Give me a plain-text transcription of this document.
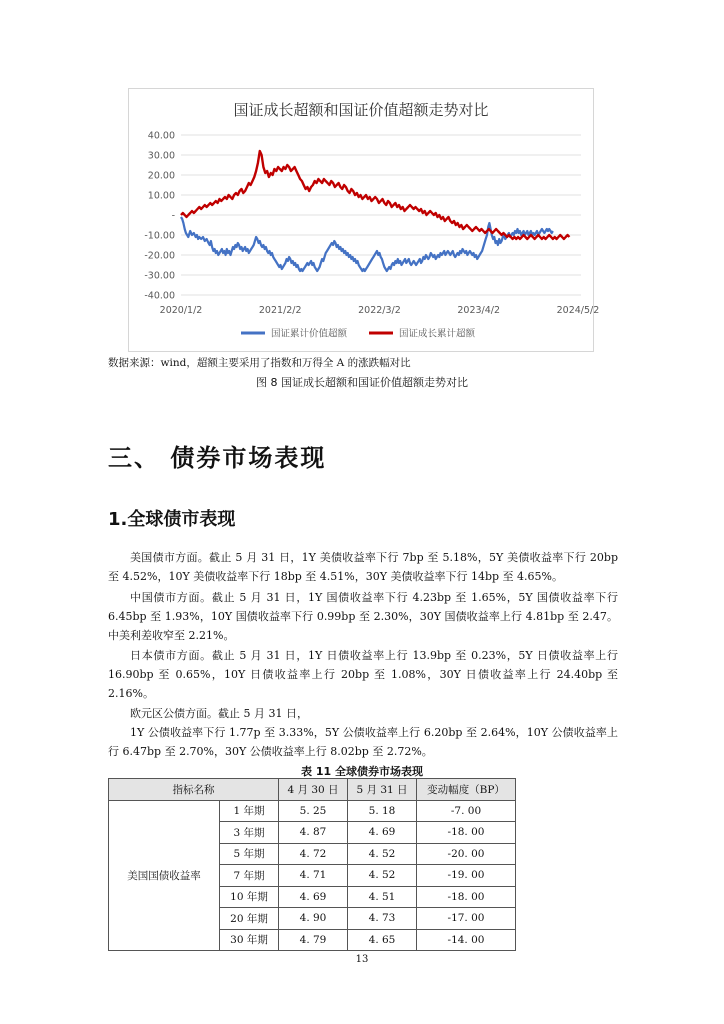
国证成长超额和国证价值超额走势对比
40.00
30.00
20.00
10.00
-
-10.00
-20.00
-30.00
-40.00
2020/1/2	2021/2/2	2022/3/2	2023/4/2	2024/5/2
国证累计价值超额	国证成长累计超额
数据来源：wind，超额主要采用了指数和万得全 A 的涨跌幅对比
图 8 国证成长超额和国证价值超额走势对比
三、 债券市场表现
1.全球债市表现
美国债市方面。截止 5 月 31 日，1Y 美债收益率下行 7bp 至 5.18%，5Y 美债收益率下行 20bp 至 4.52%，10Y 美债收益率下行 18bp 至 4.51%，30Y 美债收益率下行 14bp 至 4.65%。
中国债市方面。截止 5 月 31 日，1Y 国债收益率下行 4.23bp 至 1.65%，5Y 国债收益率下行 6.45bp 至 1.93%，10Y 国债收益率下行 0.99bp 至 2.30%，30Y 国债收益率上行 4.81bp 至 2.47。中美利差收窄至 2.21%。
日本债市方面。截止 5 月 31 日，1Y 日债收益率上行 13.9bp 至 0.23%，5Y 日债收益率上行 16.90bp 至 0.65%，10Y 日债收益率上行 20bp 至 1.08%，30Y 日债收益率上行 24.40bp 至 2.16%。
欧元区公债方面。截止 5 月 31 日，
1Y 公债收益率下行 1.77p 至 3.33%，5Y 公债收益率上行 6.20bp 至 2.64%，10Y 公债收益率上行 6.47bp 至 2.70%，30Y 公债收益率上行 8.02bp 至 2.72%。
表 11 全球债券市场表现
指标名称		4 月 30 日	5 月 31 日	变动幅度（BP）
美国国债收益率	1 年期	5. 25	5. 18	-7. 00
	3 年期	4. 87	4. 69	-18. 00
	5 年期	4. 72	4. 52	-20. 00
	7 年期	4. 71	4. 52	-19. 00
	10 年期	4. 69	4. 51	-18. 00
	20 年期	4. 90	4. 73	-17. 00
	30 年期	4. 79	4. 65	-14. 00
13
